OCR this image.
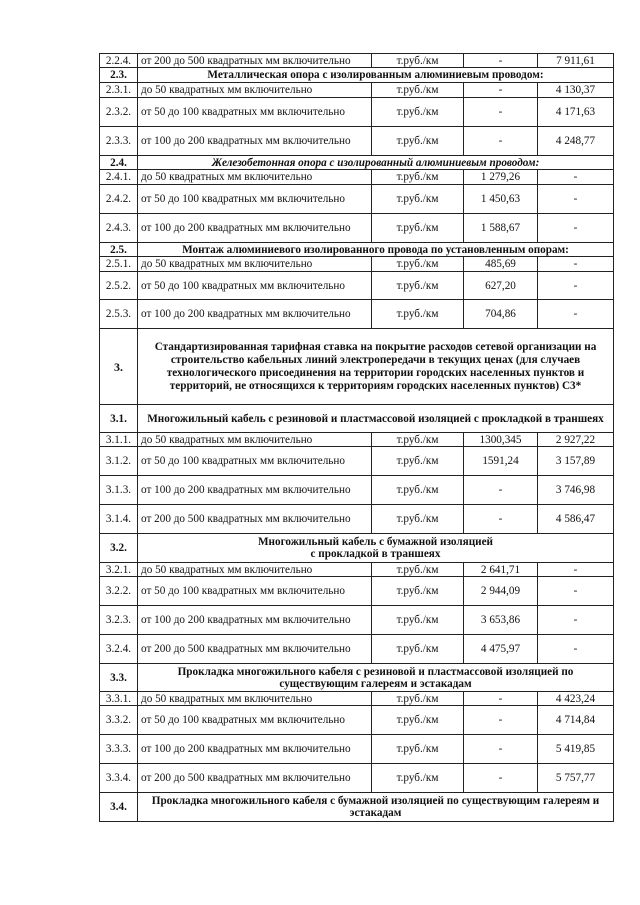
2.2.4.	от 200 до 500 квадратных мм включительно	т.руб./км	-	7 911,61
2.3.	Металлическая опора с изолированным алюминиевым проводом:			
2.3.1.	до 50 квадратных мм включительно	т.руб./км	-	4 130,37
2.3.2.	от 50 до 100 квадратных мм включительно	т.руб./км	-	4 171,63
2.3.3.	от 100 до 200 квадратных мм включительно	т.руб./км	-	4 248,77
2.4.	Железобетонная опора с изолированный алюминиевым проводом:			
2.4.1.	до 50 квадратных мм включительно	т.руб./км	1 279,26	-
2.4.2.	от 50 до 100 квадратных мм включительно	т.руб./км	1 450,63	-
2.4.3.	от 100 до 200 квадратных мм включительно	т.руб./км	1 588,67	-
2.5.	Монтаж алюминиевого изолированного провода по установленным опорам:			
2.5.1.	до 50 квадратных мм включительно	т.руб./км	485,69	-
2.5.2.	от 50 до 100 квадратных мм включительно	т.руб./км	627,20	-
2.5.3.	от 100 до 200 квадратных мм включительно	т.руб./км	704,86	-
3.	Стандартизированная тарифная ставка на покрытие расходов сетевой организации на строительство кабельных линий электропередачи в текущих ценах (для случаев технологического присоединения на территории городских населенных пунктов и территорий, не относящихся к территориям городских населенных пунктов) С3*			
3.1.	Многожильный кабель с резиновой и пластмассовой изоляцией с прокладкой в траншеях			
3.1.1.	до 50 квадратных мм включительно	т.руб./км	1300,345	2 927,22
3.1.2.	от 50 до 100 квадратных мм включительно	т.руб./км	1591,24	3 157,89
3.1.3.	от 100 до 200 квадратных мм включительно	т.руб./км	-	3 746,98
3.1.4.	от 200 до 500 квадратных мм включительно	т.руб./км	-	4 586,47
3.2.	Многожильный кабель с бумажной изоляцией
с прокладкой в траншеях			
3.2.1.	до 50 квадратных мм включительно	т.руб./км	2 641,71	-
3.2.2.	от 50 до 100 квадратных мм включительно	т.руб./км	2 944,09	-
3.2.3.	от 100 до 200 квадратных мм включительно	т.руб./км	3 653,86	-
3.2.4.	от 200 до 500 квадратных мм включительно	т.руб./км	4 475,97	-
3.3.	Прокладка многожильного кабеля с резиновой и пластмассовой изоляцией по существующим галереям и эстакадам			
3.3.1.	до 50 квадратных мм включительно	т.руб./км	-	4 423,24
3.3.2.	от 50 до 100 квадратных мм включительно	т.руб./км	-	4 714,84
3.3.3.	от 100 до 200 квадратных мм включительно	т.руб./км	-	5 419,85
3.3.4.	от 200 до 500 квадратных мм включительно	т.руб./км	-	5 757,77
3.4.	Прокладка многожильного кабеля с бумажной изоляцией по существующим галереям и эстакадам			
